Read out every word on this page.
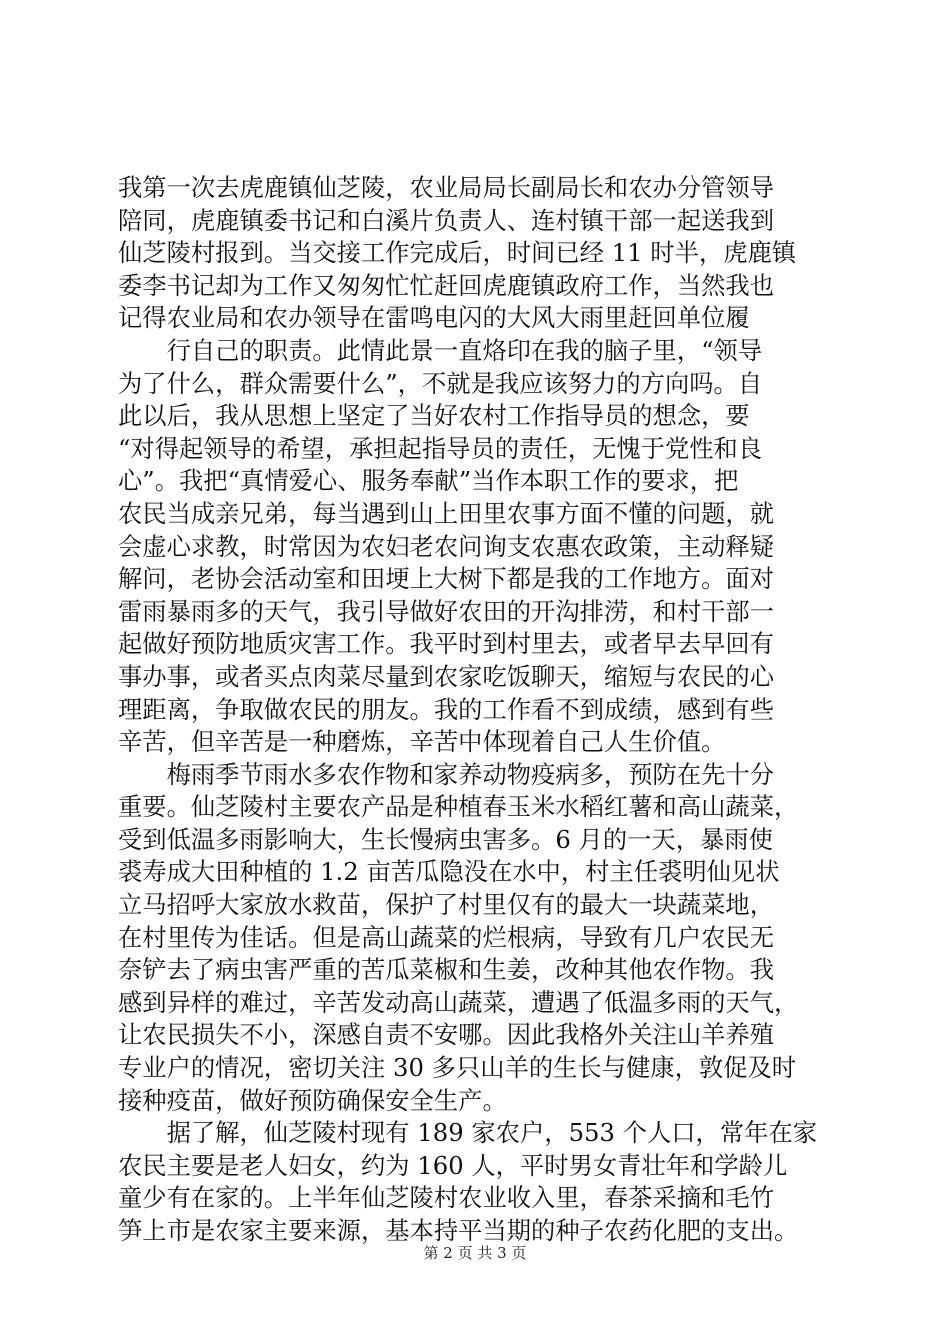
我第一次去虎鹿镇仙芝陵，农业局局长副局长和农办分管领导
陪同，虎鹿镇委书记和白溪片负责人、连村镇干部一起送我到
仙芝陵村报到。当交接工作完成后，时间已经 11 时半，虎鹿镇
委李书记却为工作又匆匆忙忙赶回虎鹿镇政府工作，当然我也
记得农业局和农办领导在雷鸣电闪的大风大雨里赶回单位履
　　行自己的职责。此情此景一直烙印在我的脑子里，“领导
为了什么，群众需要什么”，不就是我应该努力的方向吗。自
此以后，我从思想上坚定了当好农村工作指导员的想念，要
“对得起领导的希望，承担起指导员的责任，无愧于党性和良
心”。我把“真情爱心、服务奉献”当作本职工作的要求，把
农民当成亲兄弟，每当遇到山上田里农事方面不懂的问题，就
会虚心求教，时常因为农妇老农问询支农惠农政策，主动释疑
解问，老协会活动室和田埂上大树下都是我的工作地方。面对
雷雨暴雨多的天气，我引导做好农田的开沟排涝，和村干部一
起做好预防地质灾害工作。我平时到村里去，或者早去早回有
事办事，或者买点肉菜尽量到农家吃饭聊天，缩短与农民的心
理距离，争取做农民的朋友。我的工作看不到成绩，感到有些
辛苦，但辛苦是一种磨炼，辛苦中体现着自己人生价值。
　　梅雨季节雨水多农作物和家养动物疫病多，预防在先十分
重要。仙芝陵村主要农产品是种植春玉米水稻红薯和高山蔬菜，
受到低温多雨影响大，生长慢病虫害多。6 月的一天，暴雨使
裘寿成大田种植的 1.2 亩苦瓜隐没在水中，村主任裘明仙见状
立马招呼大家放水救苗，保护了村里仅有的最大一块蔬菜地，
在村里传为佳话。但是高山蔬菜的烂根病，导致有几户农民无
奈铲去了病虫害严重的苦瓜菜椒和生姜，改种其他农作物。我
感到异样的难过，辛苦发动高山蔬菜，遭遇了低温多雨的天气，
让农民损失不小，深感自责不安哪。因此我格外关注山羊养殖
专业户的情况，密切关注 30 多只山羊的生长与健康，敦促及时
接种疫苗，做好预防确保安全生产。
　　据了解，仙芝陵村现有 189 家农户，553 个人口，常年在家
农民主要是老人妇女，约为 160 人，平时男女青壮年和学龄儿
童少有在家的。上半年仙芝陵村农业收入里，春茶采摘和毛竹
笋上市是农家主要来源，基本持平当期的种子农药化肥的支出。
第 2 页 共 3 页
